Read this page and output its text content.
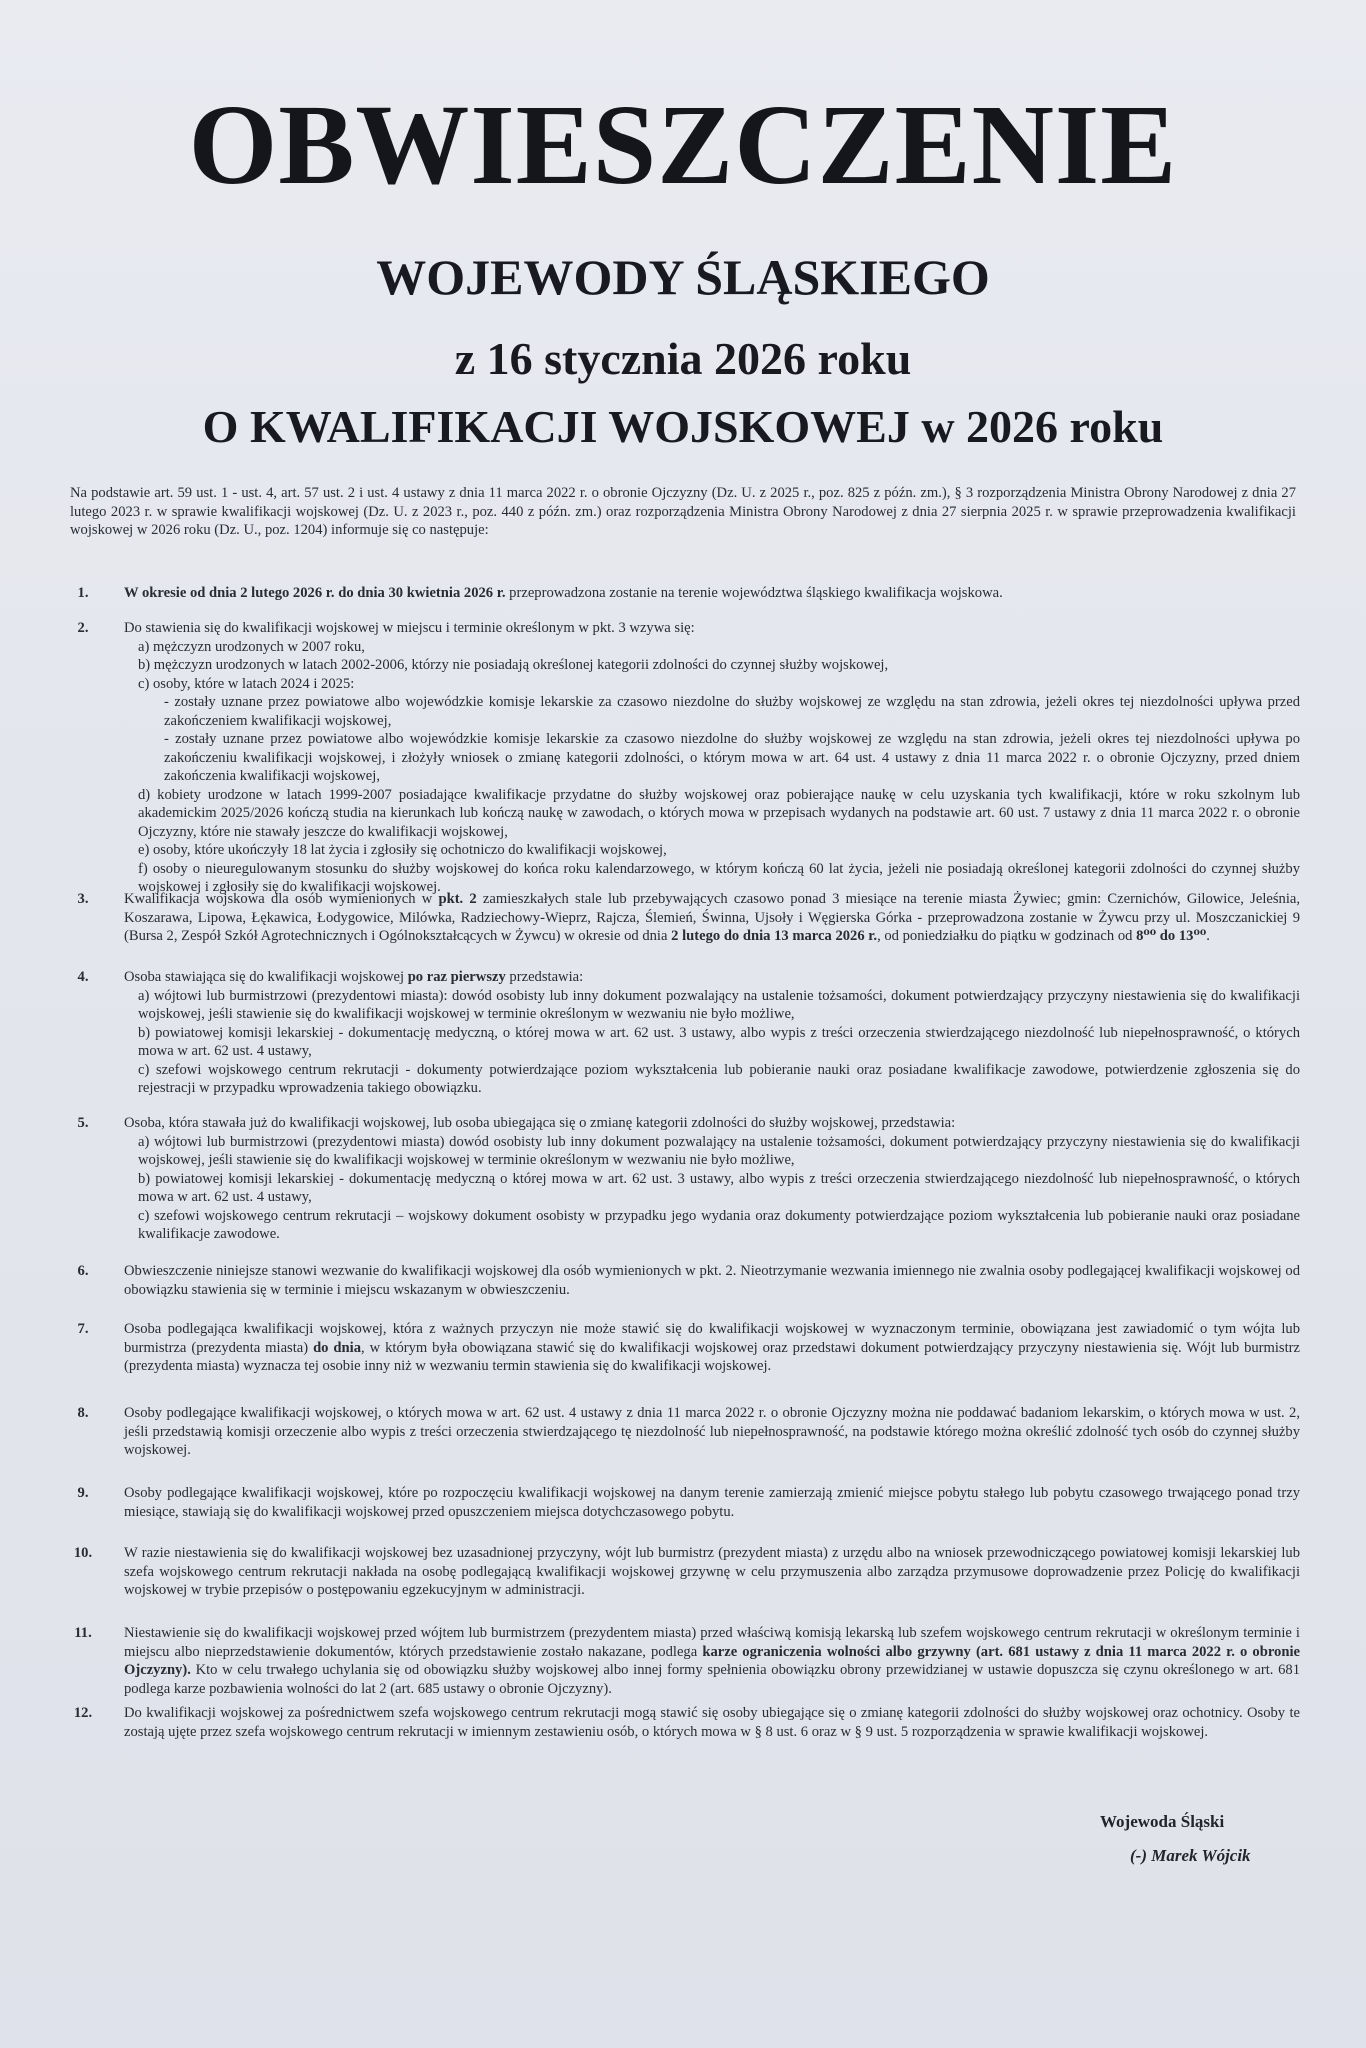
OBWIESZCZENIE
WOJEWODY ŚLĄSKIEGO
z 16 stycznia 2026 roku
O KWALIFIKACJI WOJSKOWEJ w 2026 roku
Na podstawie art. 59 ust. 1 - ust. 4, art. 57 ust. 2 i ust. 4 ustawy z dnia 11 marca 2022 r. o obronie Ojczyzny (Dz. U. z 2025 r., poz. 825 z późn. zm.), § 3 rozporządzenia Ministra Obrony Narodowej z dnia 27 lutego 2023 r. w sprawie kwalifikacji wojskowej (Dz. U. z 2023 r., poz. 440 z późn. zm.) oraz rozporządzenia Ministra Obrony Narodowej z dnia 27 sierpnia 2025 r. w sprawie przeprowadzenia kwalifikacji wojskowej w 2026 roku (Dz. U., poz. 1204) informuje się co następuje:
1.	W okresie od dnia 2 lutego 2026 r. do dnia 30 kwietnia 2026 r. przeprowadzona zostanie na terenie województwa śląskiego kwalifikacja wojskowa.
2.	Do stawienia się do kwalifikacji wojskowej w miejscu i terminie określonym w pkt. 3 wzywa się:
a) mężczyzn urodzonych w 2007 roku,
b) mężczyzn urodzonych w latach 2002-2006, którzy nie posiadają określonej kategorii zdolności do czynnej służby wojskowej,
c) osoby, które w latach 2024 i 2025:
- zostały uznane przez powiatowe albo wojewódzkie komisje lekarskie za czasowo niezdolne do służby wojskowej ze względu na stan zdrowia, jeżeli okres tej niezdolności upływa przed zakończeniem kwalifikacji wojskowej,
- zostały uznane przez powiatowe albo wojewódzkie komisje lekarskie za czasowo niezdolne do służby wojskowej ze względu na stan zdrowia, jeżeli okres tej niezdolności upływa po zakończeniu kwalifikacji wojskowej, i złożyły wniosek o zmianę kategorii zdolności, o którym mowa w art. 64 ust. 4 ustawy z dnia 11 marca 2022 r. o obronie Ojczyzny, przed dniem zakończenia kwalifikacji wojskowej,
d) kobiety urodzone w latach 1999-2007 posiadające kwalifikacje przydatne do służby wojskowej oraz pobierające naukę w celu uzyskania tych kwalifikacji, które w roku szkolnym lub akademickim 2025/2026 kończą studia na kierunkach lub kończą naukę w zawodach, o których mowa w przepisach wydanych na podstawie art. 60 ust. 7 ustawy z dnia 11 marca 2022 r. o obronie Ojczyzny, które nie stawały jeszcze do kwalifikacji wojskowej,
e) osoby, które ukończyły 18 lat życia i zgłosiły się ochotniczo do kwalifikacji wojskowej,
f) osoby o nieuregulowanym stosunku do służby wojskowej do końca roku kalendarzowego, w którym kończą 60 lat życia, jeżeli nie posiadają określonej kategorii zdolności do czynnej służby wojskowej i zgłosiły się do kwalifikacji wojskowej.
3.	Kwalifikacja wojskowa dla osób wymienionych w pkt. 2 zamieszkałych stale lub przebywających czasowo ponad 3 miesiące na terenie miasta Żywiec; gmin: Czernichów, Gilowice, Jeleśnia, Koszarawa, Lipowa, Łękawica, Łodygowice, Milówka, Radziechowy-Wieprz, Rajcza, Ślemień, Świnna, Ujsoły i Węgierska Górka - przeprowadzona zostanie w Żywcu przy ul. Moszczanickiej 9 (Bursa 2, Zespół Szkół Agrotechnicznych i Ogólnokształcących w Żywcu) w okresie od dnia 2 lutego do dnia 13 marca 2026 r., od poniedziałku do piątku w godzinach od 8⁰⁰ do 13⁰⁰.
4.	Osoba stawiająca się do kwalifikacji wojskowej po raz pierwszy przedstawia:
a) wójtowi lub burmistrzowi (prezydentowi miasta): dowód osobisty lub inny dokument pozwalający na ustalenie tożsamości, dokument potwierdzający przyczyny niestawienia się do kwalifikacji wojskowej, jeśli stawienie się do kwalifikacji wojskowej w terminie określonym w wezwaniu nie było możliwe,
b) powiatowej komisji lekarskiej - dokumentację medyczną, o której mowa w art. 62 ust. 3 ustawy, albo wypis z treści orzeczenia stwierdzającego niezdolność lub niepełnosprawność, o których mowa w art. 62 ust. 4 ustawy,
c) szefowi wojskowego centrum rekrutacji - dokumenty potwierdzające poziom wykształcenia lub pobieranie nauki oraz posiadane kwalifikacje zawodowe, potwierdzenie zgłoszenia się do rejestracji w przypadku wprowadzenia takiego obowiązku.
5.	Osoba, która stawała już do kwalifikacji wojskowej, lub osoba ubiegająca się o zmianę kategorii zdolności do służby wojskowej, przedstawia:
a) wójtowi lub burmistrzowi (prezydentowi miasta) dowód osobisty lub inny dokument pozwalający na ustalenie tożsamości, dokument potwierdzający przyczyny niestawienia się do kwalifikacji wojskowej, jeśli stawienie się do kwalifikacji wojskowej w terminie określonym w wezwaniu nie było możliwe,
b) powiatowej komisji lekarskiej - dokumentację medyczną o której mowa w art. 62 ust. 3 ustawy, albo wypis z treści orzeczenia stwierdzającego niezdolność lub niepełnosprawność, o których mowa w art. 62 ust. 4 ustawy,
c) szefowi wojskowego centrum rekrutacji – wojskowy dokument osobisty w przypadku jego wydania oraz dokumenty potwierdzające poziom wykształcenia lub pobieranie nauki oraz posiadane kwalifikacje zawodowe.
6.	Obwieszczenie niniejsze stanowi wezwanie do kwalifikacji wojskowej dla osób wymienionych w pkt. 2. Nieotrzymanie wezwania imiennego nie zwalnia osoby podlegającej kwalifikacji wojskowej od obowiązku stawienia się w terminie i miejscu wskazanym w obwieszczeniu.
7.	Osoba podlegająca kwalifikacji wojskowej, która z ważnych przyczyn nie może stawić się do kwalifikacji wojskowej w wyznaczonym terminie, obowiązana jest zawiadomić o tym wójta lub burmistrza (prezydenta miasta) do dnia, w którym była obowiązana stawić się do kwalifikacji wojskowej oraz przedstawi dokument potwierdzający przyczyny niestawienia się. Wójt lub burmistrz (prezydenta miasta) wyznacza tej osobie inny niż w wezwaniu termin stawienia się do kwalifikacji wojskowej.
8.	Osoby podlegające kwalifikacji wojskowej, o których mowa w art. 62 ust. 4 ustawy z dnia 11 marca 2022 r. o obronie Ojczyzny można nie poddawać badaniom lekarskim, o których mowa w ust. 2, jeśli przedstawią komisji orzeczenie albo wypis z treści orzeczenia stwierdzającego tę niezdolność lub niepełnosprawność, na podstawie którego można określić zdolność tych osób do czynnej służby wojskowej.
9.	Osoby podlegające kwalifikacji wojskowej, które po rozpoczęciu kwalifikacji wojskowej na danym terenie zamierzają zmienić miejsce pobytu stałego lub pobytu czasowego trwającego ponad trzy miesiące, stawiają się do kwalifikacji wojskowej przed opuszczeniem miejsca dotychczasowego pobytu.
10.	W razie niestawienia się do kwalifikacji wojskowej bez uzasadnionej przyczyny, wójt lub burmistrz (prezydent miasta) z urzędu albo na wniosek przewodniczącego powiatowej komisji lekarskiej lub szefa wojskowego centrum rekrutacji nakłada na osobę podlegającą kwalifikacji wojskowej grzywnę w celu przymuszenia albo zarządza przymusowe doprowadzenie przez Policję do kwalifikacji wojskowej w trybie przepisów o postępowaniu egzekucyjnym w administracji.
11.	Niestawienie się do kwalifikacji wojskowej przed wójtem lub burmistrzem (prezydentem miasta) przed właściwą komisją lekarską lub szefem wojskowego centrum rekrutacji w określonym terminie i miejscu albo nieprzedstawienie dokumentów, których przedstawienie zostało nakazane, podlega karze ograniczenia wolności albo grzywny (art. 681 ustawy z dnia 11 marca 2022 r. o obronie Ojczyzny). Kto w celu trwałego uchylania się od obowiązku służby wojskowej albo innej formy spełnienia obowiązku obrony przewidzianej w ustawie dopuszcza się czynu określonego w art. 681 podlega karze pozbawienia wolności do lat 2 (art. 685 ustawy o obronie Ojczyzny).
12.	Do kwalifikacji wojskowej za pośrednictwem szefa wojskowego centrum rekrutacji mogą stawić się osoby ubiegające się o zmianę kategorii zdolności do służby wojskowej oraz ochotnicy. Osoby te zostają ujęte przez szefa wojskowego centrum rekrutacji w imiennym zestawieniu osób, o których mowa w § 8 ust. 6 oraz w § 9 ust. 5 rozporządzenia w sprawie kwalifikacji wojskowej.
Wojewoda Śląski
(-) Marek Wójcik
